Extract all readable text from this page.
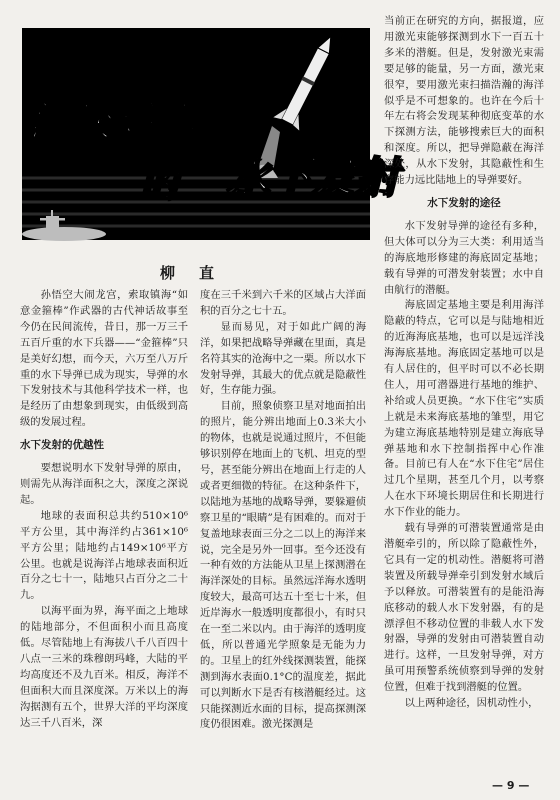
漫谈导弹
的 水下发射
柳直

孙悟空大闹龙宫，索取镇海“如意金箍棒”作武器的古代神话故事至今仍在民间流传，昔日，那一万三千五百斤重的水下兵器——“金箍棒”只是美好幻想，而今天，六万至八万斤重的水下导弹已成为现实，导弹的水下发射技术与其他科学技术一样，也是经历了由想象到现实，由低级到高级的发展过程。

水下发射的优越性

要想说明水下发射导弹的原由，则需先从海洋面积之大，深度之深说起。

地球的表面积总共约510×10⁶平方公里，其中海洋约占361×10⁶平方公里；陆地约占149×10⁶平方公里。也就是说海洋占地球表面积近百分之七十一，陆地只占百分之二十九。

以海平面为界，海平面之上地球的陆地部分，不但面积小而且高度低。尽管陆地上有海拔八千八百四十八点一三米的珠穆朗玛峰，大陆的平均高度还不及九百米。相反，海洋不但面积大而且深度深。万米以上的海沟据测有五个，世界大洋的平均深度达三千八百米，深

度在三千米到六千米的区域占大洋面积的百分之七十五。

显而易见，对于如此广阔的海洋，如果把战略导弹藏在里面，真是名符其实的沧海中之一栗。所以水下发射导弹，其最大的优点就是隐蔽性好，生存能力强。

目前，照象侦察卫星对地面拍出的照片，能分辨出地面上0.3米大小的物体，也就是说通过照片，不但能够识别停在地面上的飞机、坦克的型号，甚至能分辨出在地面上行走的人或者更细微的特征。在这种条件下，以陆地为基地的战略导弹，要躲避侦察卫星的“眼睛”是有困难的。而对于复盖地球表面三分之二以上的海洋来说，完全是另外一回事。至今还没有一种有效的方法能从卫星上探测潜在海洋深处的目标。虽然远洋海水透明度较大，最高可达五十至七十米，但近岸海水一般透明度都很小，有时只在一至二米以内。由于海洋的透明度低，所以普通光学照象是无能为力的。卫星上的红外线探测装置，能探测到海水表面0.1°C的温度差，据此可以判断水下是否有核潜艇经过。这只能探测近水面的目标，提高探测深度仍很困难。激光探测是

当前正在研究的方向，据报道，应用激光束能够探测到水下一百五十多米的潜艇。但是，发射激光束需要足够的能量，另一方面，激光束很窄，要用激光束扫描浩瀚的海洋似乎是不可想象的。也许在今后十年左右将会发现某种彻底变革的水下探测方法，能够搜索巨大的面积和深度。所以，把导弹隐蔽在海洋深处，从水下发射，其隐蔽性和生存能力远比陆地上的导弹要好。

水下发射的途径

水下发射导弹的途径有多种，但大体可以分为三大类：利用适当的海底地形修建的海底固定基地；载有导弹的可潜发射装置；水中自由航行的潜艇。

海底固定基地主要是利用海洋隐蔽的特点，它可以是与陆地相近的近海海底基地，也可以是远洋浅海海底基地。海底固定基地可以是有人居住的，但平时可以不必长期住人，用可潜器进行基地的维护、补给或人员更换。“水下住宅”实质上就是未来海底基地的雏型，用它为建立海底基地特别是建立海底导弹基地和水下控制指挥中心作准备。目前已有人在“水下住宅”居住过几个星期，甚至几个月，以考察人在水下环境长期居住和长期进行水下作业的能力。

载有导弹的可潜装置通常是由潜艇牵引的，所以除了隐蔽性外，它具有一定的机动性。潜艇将可潜装置及所载导弹牵引到发射水域后予以释放。可潜装置有的是能沿海底移动的载人水下发射器，有的是漂浮但不移动位置的非载人水下发射器，导弹的发射由可潜装置自动进行。这样，一旦发射导弹，对方虽可用预警系统侦察到导弹的发射位置，但难于找到潜艇的位置。

以上两种途径，因机动性小，

— 9 —
